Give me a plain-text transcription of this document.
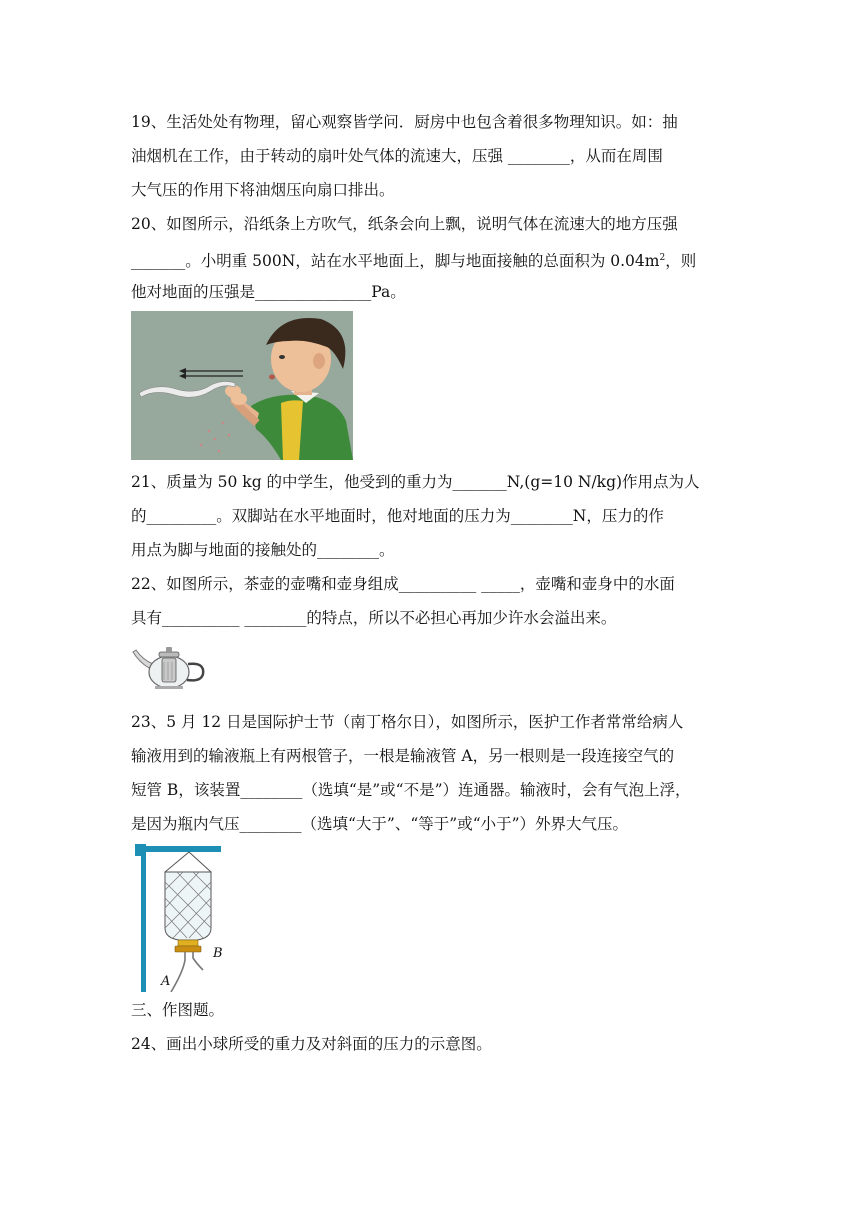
19、生活处处有物理，留心观察皆学问．厨房中也包含着很多物理知识。如：抽
油烟机在工作，由于转动的扇叶处气体的流速大，压强 ________，从而在周围
大气压的作用下将油烟压向扇口排出。
20、如图所示，沿纸条上方吹气，纸条会向上飘，说明气体在流速大的地方压强
_______。小明重 500N，站在水平地面上，脚与地面接触的总面积为 $0.04m^2$，则
他对地面的压强是_______________Pa。
21、质量为 50 kg 的中学生，他受到的重力为_______N,(g=10 N/kg)作用点为人
的_________。双脚站在水平地面时，他对地面的压力为________N，压力的作
用点为脚与地面的接触处的________。
22、如图所示，茶壶的壶嘴和壶身组成__________ _____，壶嘴和壶身中的水面
具有__________ ________的特点，所以不必担心再加少许水会溢出来。
23、5 月 12 日是国际护士节（南丁格尔日），如图所示，医护工作者常常给病人
输液用到的输液瓶上有两根管子，一根是输液管 A，另一根则是一段连接空气的
短管 B，该装置________（选填“是”或“不是”）连通器。输液时，会有气泡上浮，
是因为瓶内气压________（选填“大于”、“等于”或“小于”）外界大气压。
A
B
三、作图题。
24、画出小球所受的重力及对斜面的压力的示意图。
